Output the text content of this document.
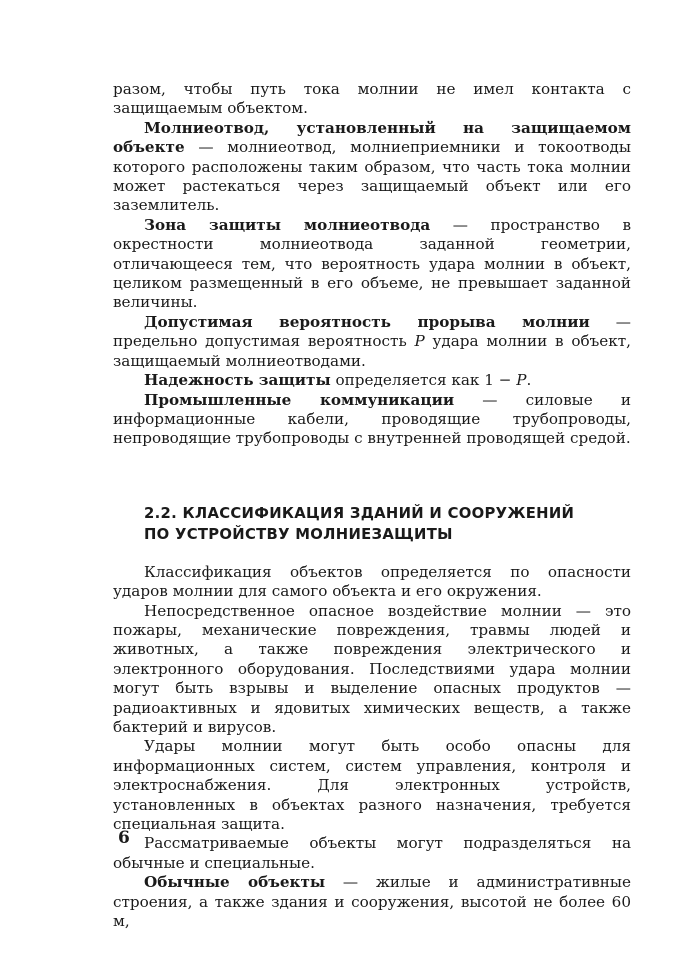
разом, чтобы путь тока молнии не имел контакта с защищаемым объектом.

Молниеотвод, установленный на защищаемом объекте — молниеотвод, молниеприемники и токоотводы которого расположены таким образом, что часть тока молнии может растекаться через защищаемый объект или его заземлитель.

Зона защиты молниеотвода — пространство в окрестности молниеотвода заданной геометрии, отличающееся тем, что вероятность удара молнии в объект, целиком размещенный в его объеме, не превышает заданной величины.

Допустимая вероятность прорыва молнии — предельно допустимая вероятность P удара молнии в объект, защищаемый молниеотводами.

Надежность защиты определяется как 1 − P.

Промышленные коммуникации — силовые и информационные кабели, проводящие трубопроводы, непроводящие трубопроводы с внутренней проводящей средой.

2.2. КЛАССИФИКАЦИЯ ЗДАНИЙ И СООРУЖЕНИЙ ПО УСТРОЙСТВУ МОЛНИЕЗАЩИТЫ

Классификация объектов определяется по опасности ударов молнии для самого объекта и его окружения.

Непосредственное опасное воздействие молнии — это пожары, механические повреждения, травмы людей и животных, а также повреждения электрического и электронного оборудования. Последствиями удара молнии могут быть взрывы и выделение опасных продуктов — радиоактивных и ядовитых химических веществ, а также бактерий и вирусов.

Удары молнии могут быть особо опасны для информационных систем, систем управления, контроля и электроснабжения. Для электронных устройств, установленных в объектах разного назначения, требуется специальная защита.

Рассматриваемые объекты могут подразделяться на обычные и специальные.

Обычные объекты — жилые и административные строения, а также здания и сооружения, высотой не более 60 м,

6
